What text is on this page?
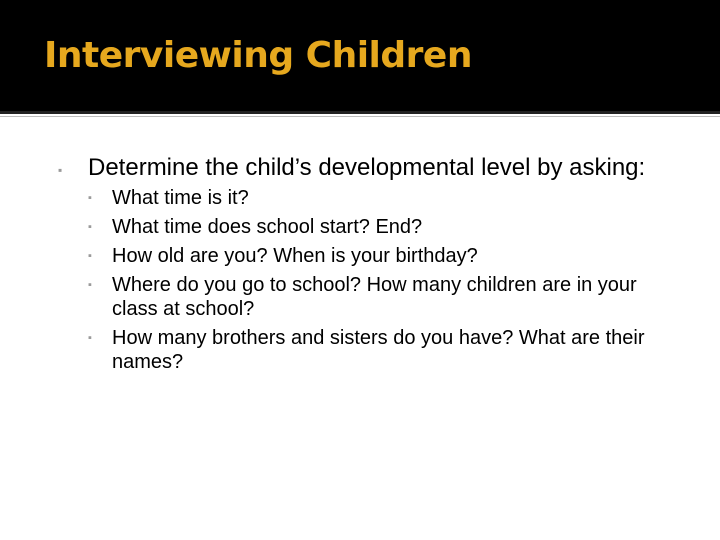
Interviewing Children
▪ Determine the child’s developmental level by asking:
▪ What time is it?
▪ What time does school start? End?
▪ How old are you? When is your birthday?
▪ Where do you go to school? How many children are in your class at school?
▪ How many brothers and sisters do you have? What are their names?
